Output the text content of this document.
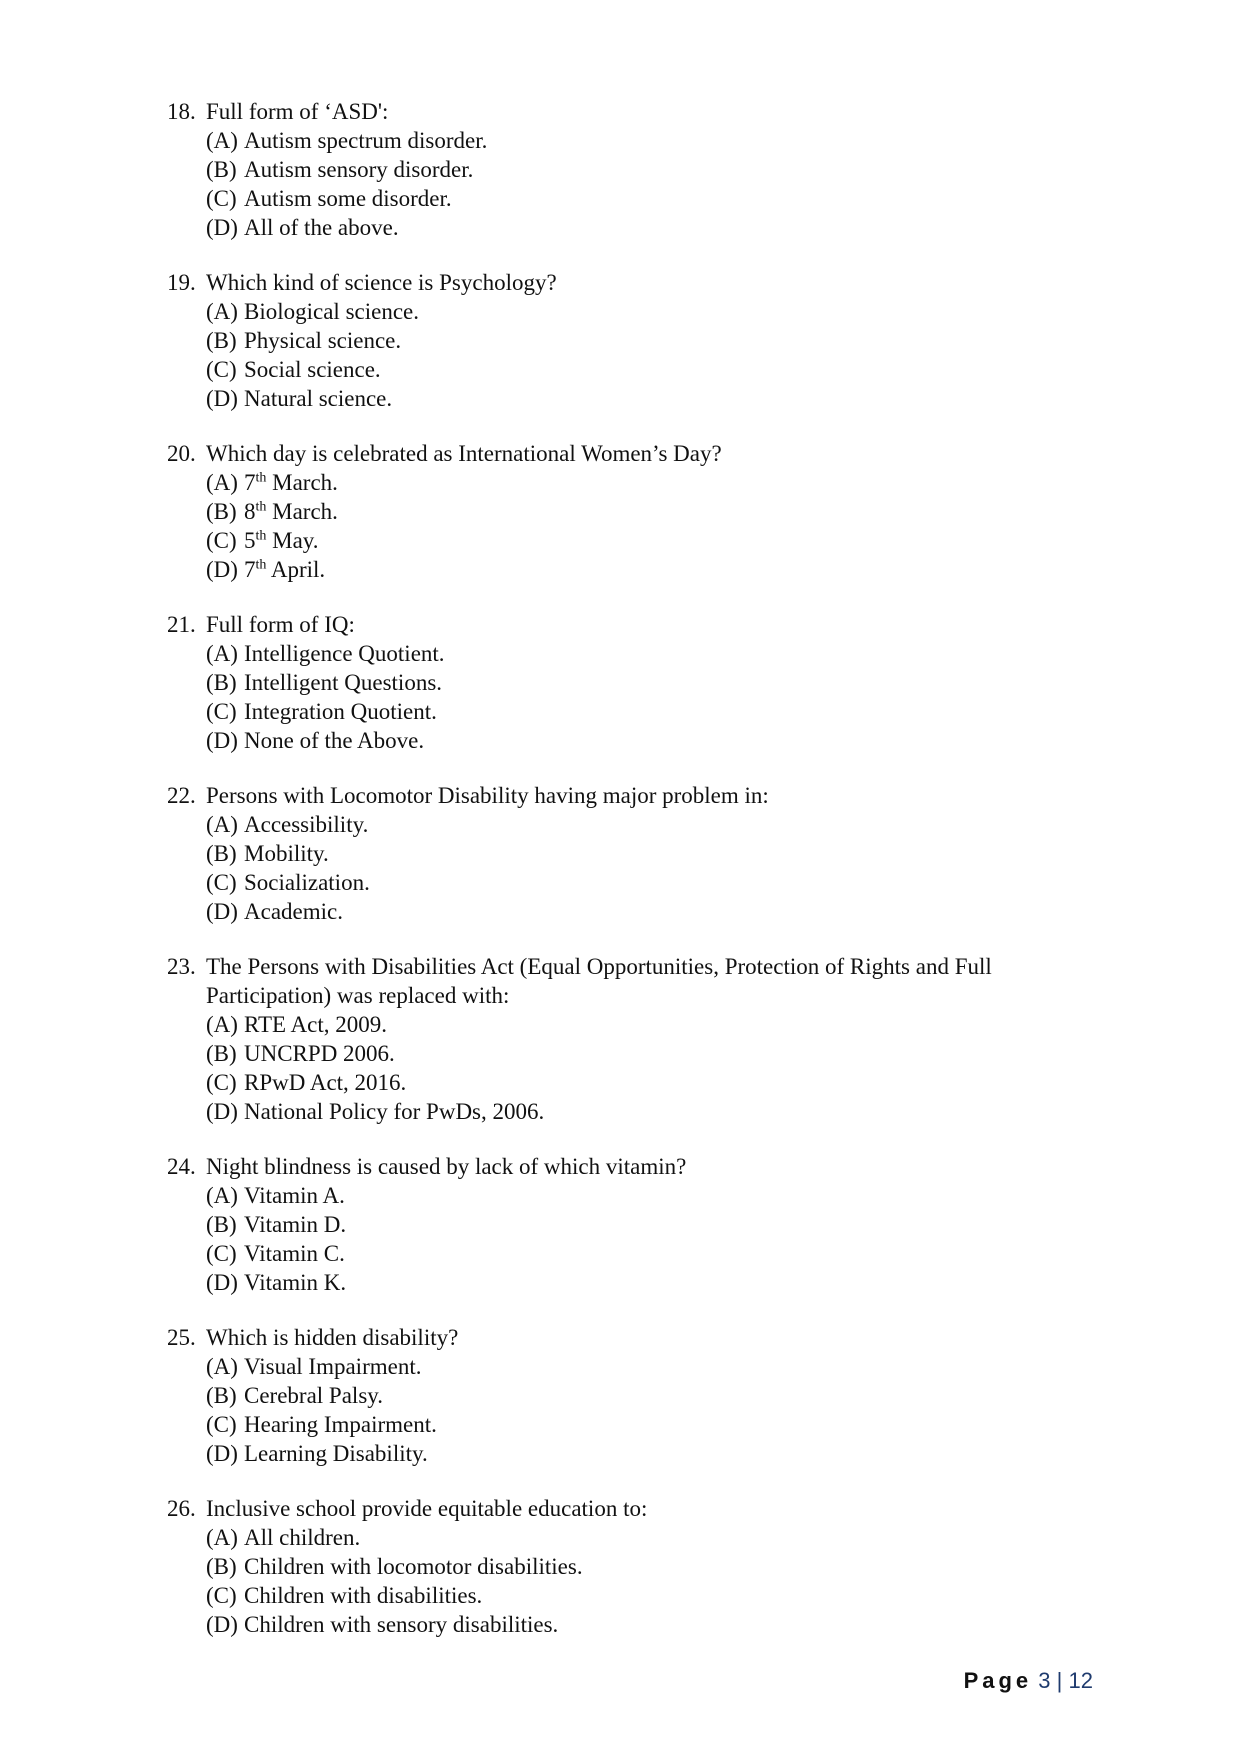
18. Full form of ‘ASD':
(A) Autism spectrum disorder.
(B) Autism sensory disorder.
(C) Autism some disorder.
(D) All of the above.
19. Which kind of science is Psychology?
(A) Biological science.
(B) Physical science.
(C) Social science.
(D) Natural science.
20. Which day is celebrated as International Women’s Day?
(A) 7th March.
(B) 8th March.
(C) 5th May.
(D) 7th April.
21. Full form of IQ:
(A) Intelligence Quotient.
(B) Intelligent Questions.
(C) Integration Quotient.
(D) None of the Above.
22. Persons with Locomotor Disability having major problem in:
(A) Accessibility.
(B) Mobility.
(C) Socialization.
(D) Academic.
23. The Persons with Disabilities Act (Equal Opportunities, Protection of Rights and Full Participation) was replaced with:
(A) RTE Act, 2009.
(B) UNCRPD 2006.
(C) RPwD Act, 2016.
(D) National Policy for PwDs, 2006.
24. Night blindness is caused by lack of which vitamin?
(A) Vitamin A.
(B) Vitamin D.
(C) Vitamin C.
(D) Vitamin K.
25. Which is hidden disability?
(A) Visual Impairment.
(B) Cerebral Palsy.
(C) Hearing Impairment.
(D) Learning Disability.
26. Inclusive school provide equitable education to:
(A) All children.
(B) Children with locomotor disabilities.
(C) Children with disabilities.
(D) Children with sensory disabilities.
Page 3 | 12
